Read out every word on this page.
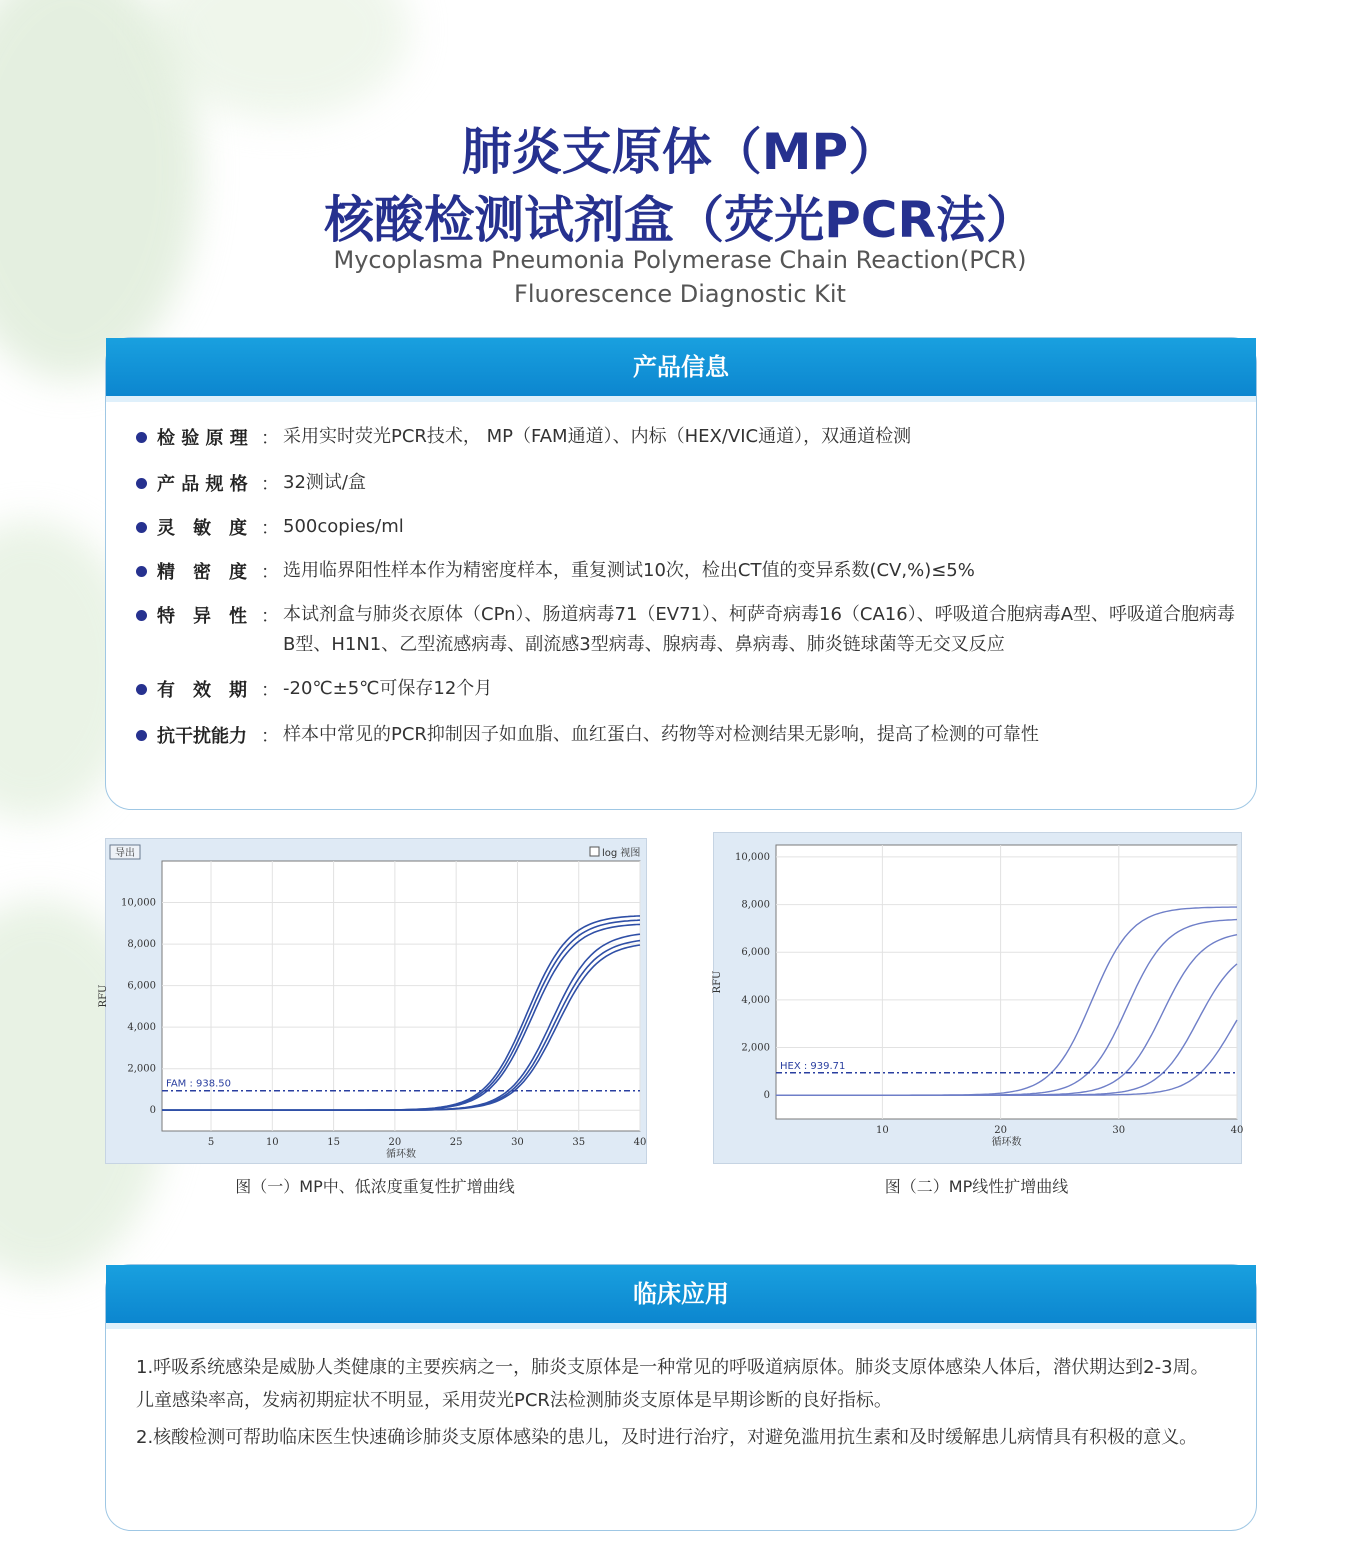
肺炎支原体（MP）
核酸检测试剂盒（荧光PCR法）
Mycoplasma Pneumonia Polymerase Chain Reaction(PCR)
Fluorescence Diagnostic Kit
产品信息
检 验 原 理 ： 采用实时荧光PCR技术， MP（FAM通道）、内标（HEX/VIC通道），双通道检测
产 品 规 格 ： 32测试/盒
灵　敏　度 ： 500copies/ml
精　密　度 ： 选用临界阳性样本作为精密度样本，重复测试10次，检出CT值的变异系数(CV,%)≤5%
特　异　性 ： 本试剂盒与肺炎衣原体（CPn）、肠道病毒71（EV71）、柯萨奇病毒16（CA16）、呼吸道合胞病毒A型、呼吸道合胞病毒B型、H1N1、乙型流感病毒、副流感3型病毒、腺病毒、鼻病毒、肺炎链球菌等无交叉反应
有　效　期 ： -20℃±5℃可保存12个月
抗干扰能力 ： 样本中常见的PCR抑制因子如血脂、血红蛋白、药物等对检测结果无影响，提高了检测的可靠性
导出	log 视图
5	10	15	20	25	30	35	40
0
2,000
4,000
6,000
8,000
10,000
RFU
循环数
FAM : 938.50
图（一）MP中、低浓度重复性扩增曲线
10	20	30	40
0
2,000
4,000
6,000
8,000
10,000
RFU
循环数
HEX : 939.71
图（二）MP线性扩增曲线
临床应用
1.呼吸系统感染是威胁人类健康的主要疾病之一，肺炎支原体是一种常见的呼吸道病原体。肺炎支原体感染人体后，潜伏期达到2-3周。儿童感染率高，发病初期症状不明显，采用荧光PCR法检测肺炎支原体是早期诊断的良好指标。
2.核酸检测可帮助临床医生快速确诊肺炎支原体感染的患儿，及时进行治疗，对避免滥用抗生素和及时缓解患儿病情具有积极的意义。
